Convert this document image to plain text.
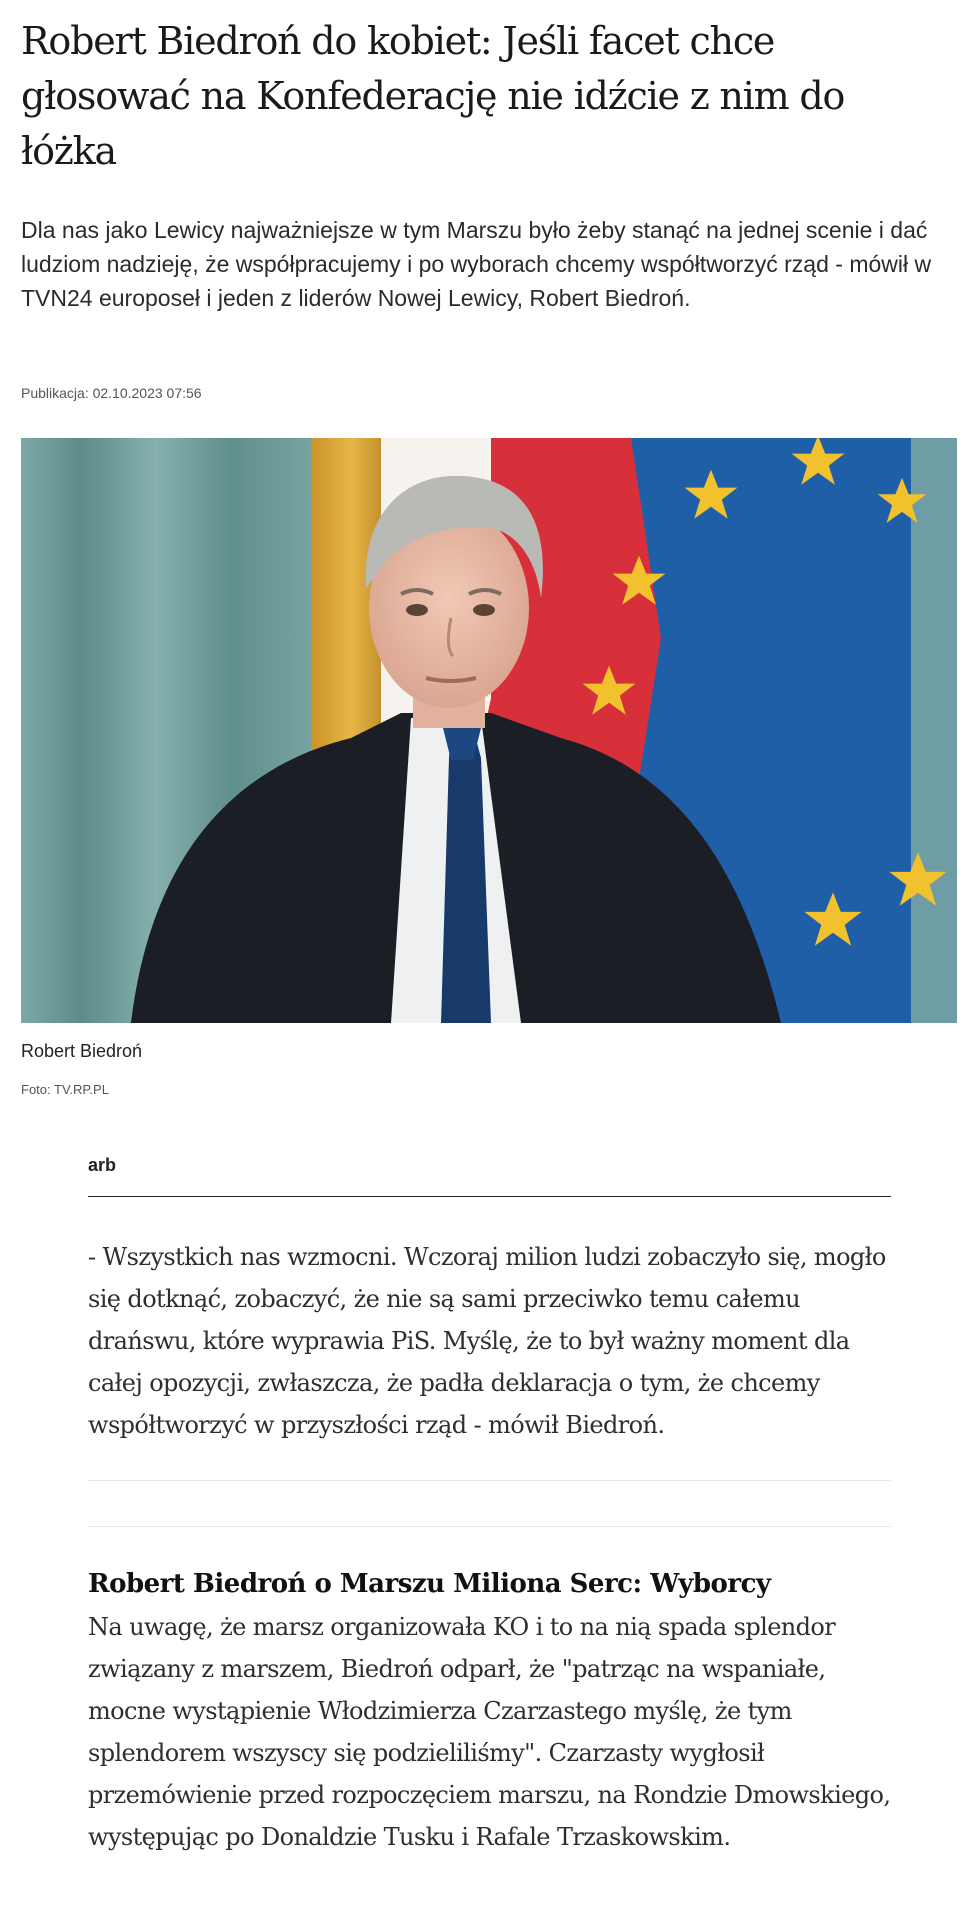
Robert Biedroń do kobiet: Jeśli facet chce głosować na Konfederację nie idźcie z nim do łóżka

Dla nas jako Lewicy najważniejsze w tym Marszu było żeby stanąć na jednej scenie i dać ludziom nadzieję, że współpracujemy i po wyborach chcemy współtworzyć rząd - mówił w TVN24 europoseł i jeden z liderów Nowej Lewicy, Robert Biedroń.

Publikacja: 02.10.2023 07:56

Robert Biedroń

Foto: TV.RP.PL

arb

- Wszystkich nas wzmocni. Wczoraj milion ludzi zobaczyło się, mogło się dotknąć, zobaczyć, że nie są sami przeciwko temu całemu drańswu, które wyprawia PiS. Myślę, że to był ważny moment dla całej opozycji, zwłaszcza, że padła deklaracja o tym, że chcemy współtworzyć w przyszłości rząd - mówił Biedroń.

Robert Biedroń o Marszu Miliona Serc: Wyborcy

Na uwagę, że marsz organizowała KO i to na nią spada splendor związany z marszem, Biedroń odparł, że "patrząc na wspaniałe, mocne wystąpienie Włodzimierza Czarzastego myślę, że tym splendorem wszyscy się podzieliliśmy". Czarzasty wygłosił przemówienie przed rozpoczęciem marszu, na Rondzie Dmowskiego, występując po Donaldzie Tusku i Rafale Trzaskowskim.
